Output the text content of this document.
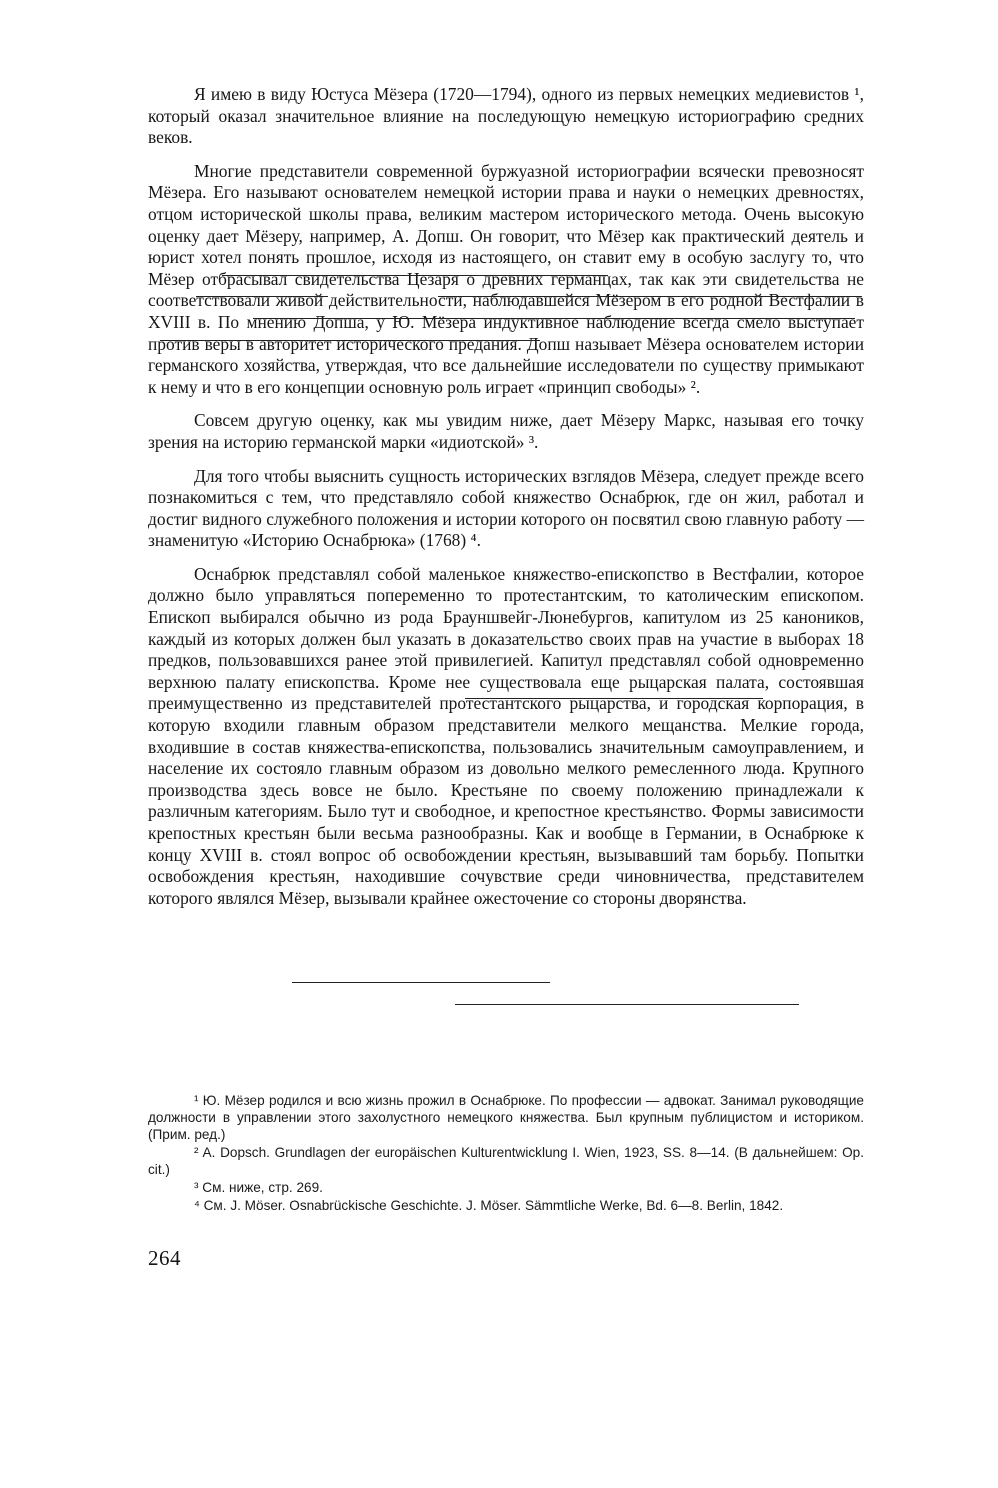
Я имею в виду Юстуса Мёзера (1720—1794), одного из первых немецких медиевистов ¹, который оказал значительное влияние на последующую немецкую историографию средних веков.

Многие представители современной буржуазной историографии всячески превозносят Мёзера. Его называют основателем немецкой истории права и науки о немецких древностях, отцом исторической школы права, великим мастером исторического метода. Очень высокую оценку дает Мёзеру, например, А. Допш. Он говорит, что Мёзер как практический деятель и юрист хотел понять прошлое, исходя из настоящего, он ставит ему в особую заслугу то, что Мёзер отбрасывал свидетельства Цезаря о древних германцах, так как эти свидетельства не соответствовали живой действительности, наблюдавшейся Мёзером в его родной Вестфалии в XVIII в. По мнению Допша, у Ю. Мёзера индуктивное наблюдение всегда смело выступает против веры в авторитет исторического предания. Допш называет Мёзера основателем истории германского хозяйства, утверждая, что все дальнейшие исследователи по существу примыкают к нему и что в его концепции основную роль играет «принцип свободы» ².

Совсем другую оценку, как мы увидим ниже, дает Мёзеру Маркс, называя его точку зрения на историю германской марки «идиотской» ³.

Для того чтобы выяснить сущность исторических взглядов Мёзера, следует прежде всего познакомиться с тем, что представляло собой княжество Оснабрюк, где он жил, работал и достиг видного служебного положения и истории которого он посвятил свою главную работу — знаменитую «Историю Оснабрюка» (1768) ⁴.

Оснабрюк представлял собой маленькое княжество-епископство в Вестфалии, которое должно было управляться попеременно то протестантским, то католическим епископом. Епископ выбирался обычно из рода Брауншвейг-Люнебургов, капитулом из 25 каноников, каждый из которых должен был указать в доказательство своих прав на участие в выборах 18 предков, пользовавшихся ранее этой привилегией. Капитул представлял собой одновременно верхнюю палату епископства. Кроме нее существовала еще рыцарская палата, состоявшая преимущественно из представителей протестантского рыцарства, и городская корпорация, в которую входили главным образом представители мелкого мещанства. Мелкие города, входившие в состав княжества-епископства, пользовались значительным самоуправлением, и население их состояло главным образом из довольно мелкого ремесленного люда. Крупного производства здесь вовсе не было. Крестьяне по своему положению принадлежали к различным категориям. Было тут и свободное, и крепостное крестьянство. Формы зависимости крепостных крестьян были весьма разнообразны. Как и вообще в Германии, в Оснабрюке к концу XVIII в. стоял вопрос об освобождении крестьян, вызывавший там борьбу. Попытки освобождения крестьян, находившие сочувствие среди чиновничества, представителем которого являлся Мёзер, вызывали крайнее ожесточение со стороны дворянства.

¹ Ю. Мёзер родился и всю жизнь прожил в Оснабрюке. По профессии — адвокат. Занимал руководящие должности в управлении этого захолустного немецкого княжества. Был крупным публицистом и историком. (Прим. ред.)

² A. Dopsch. Grundlagen der europäischen Kulturentwicklung I. Wien, 1923, SS. 8—14. (В дальнейшем: Op. cit.)

³ См. ниже, стр. 269.

⁴ См. J. Möser. Osnabrückische Geschichte. J. Möser. Sämmtliche Werke, Bd. 6—8. Berlin, 1842.

264
